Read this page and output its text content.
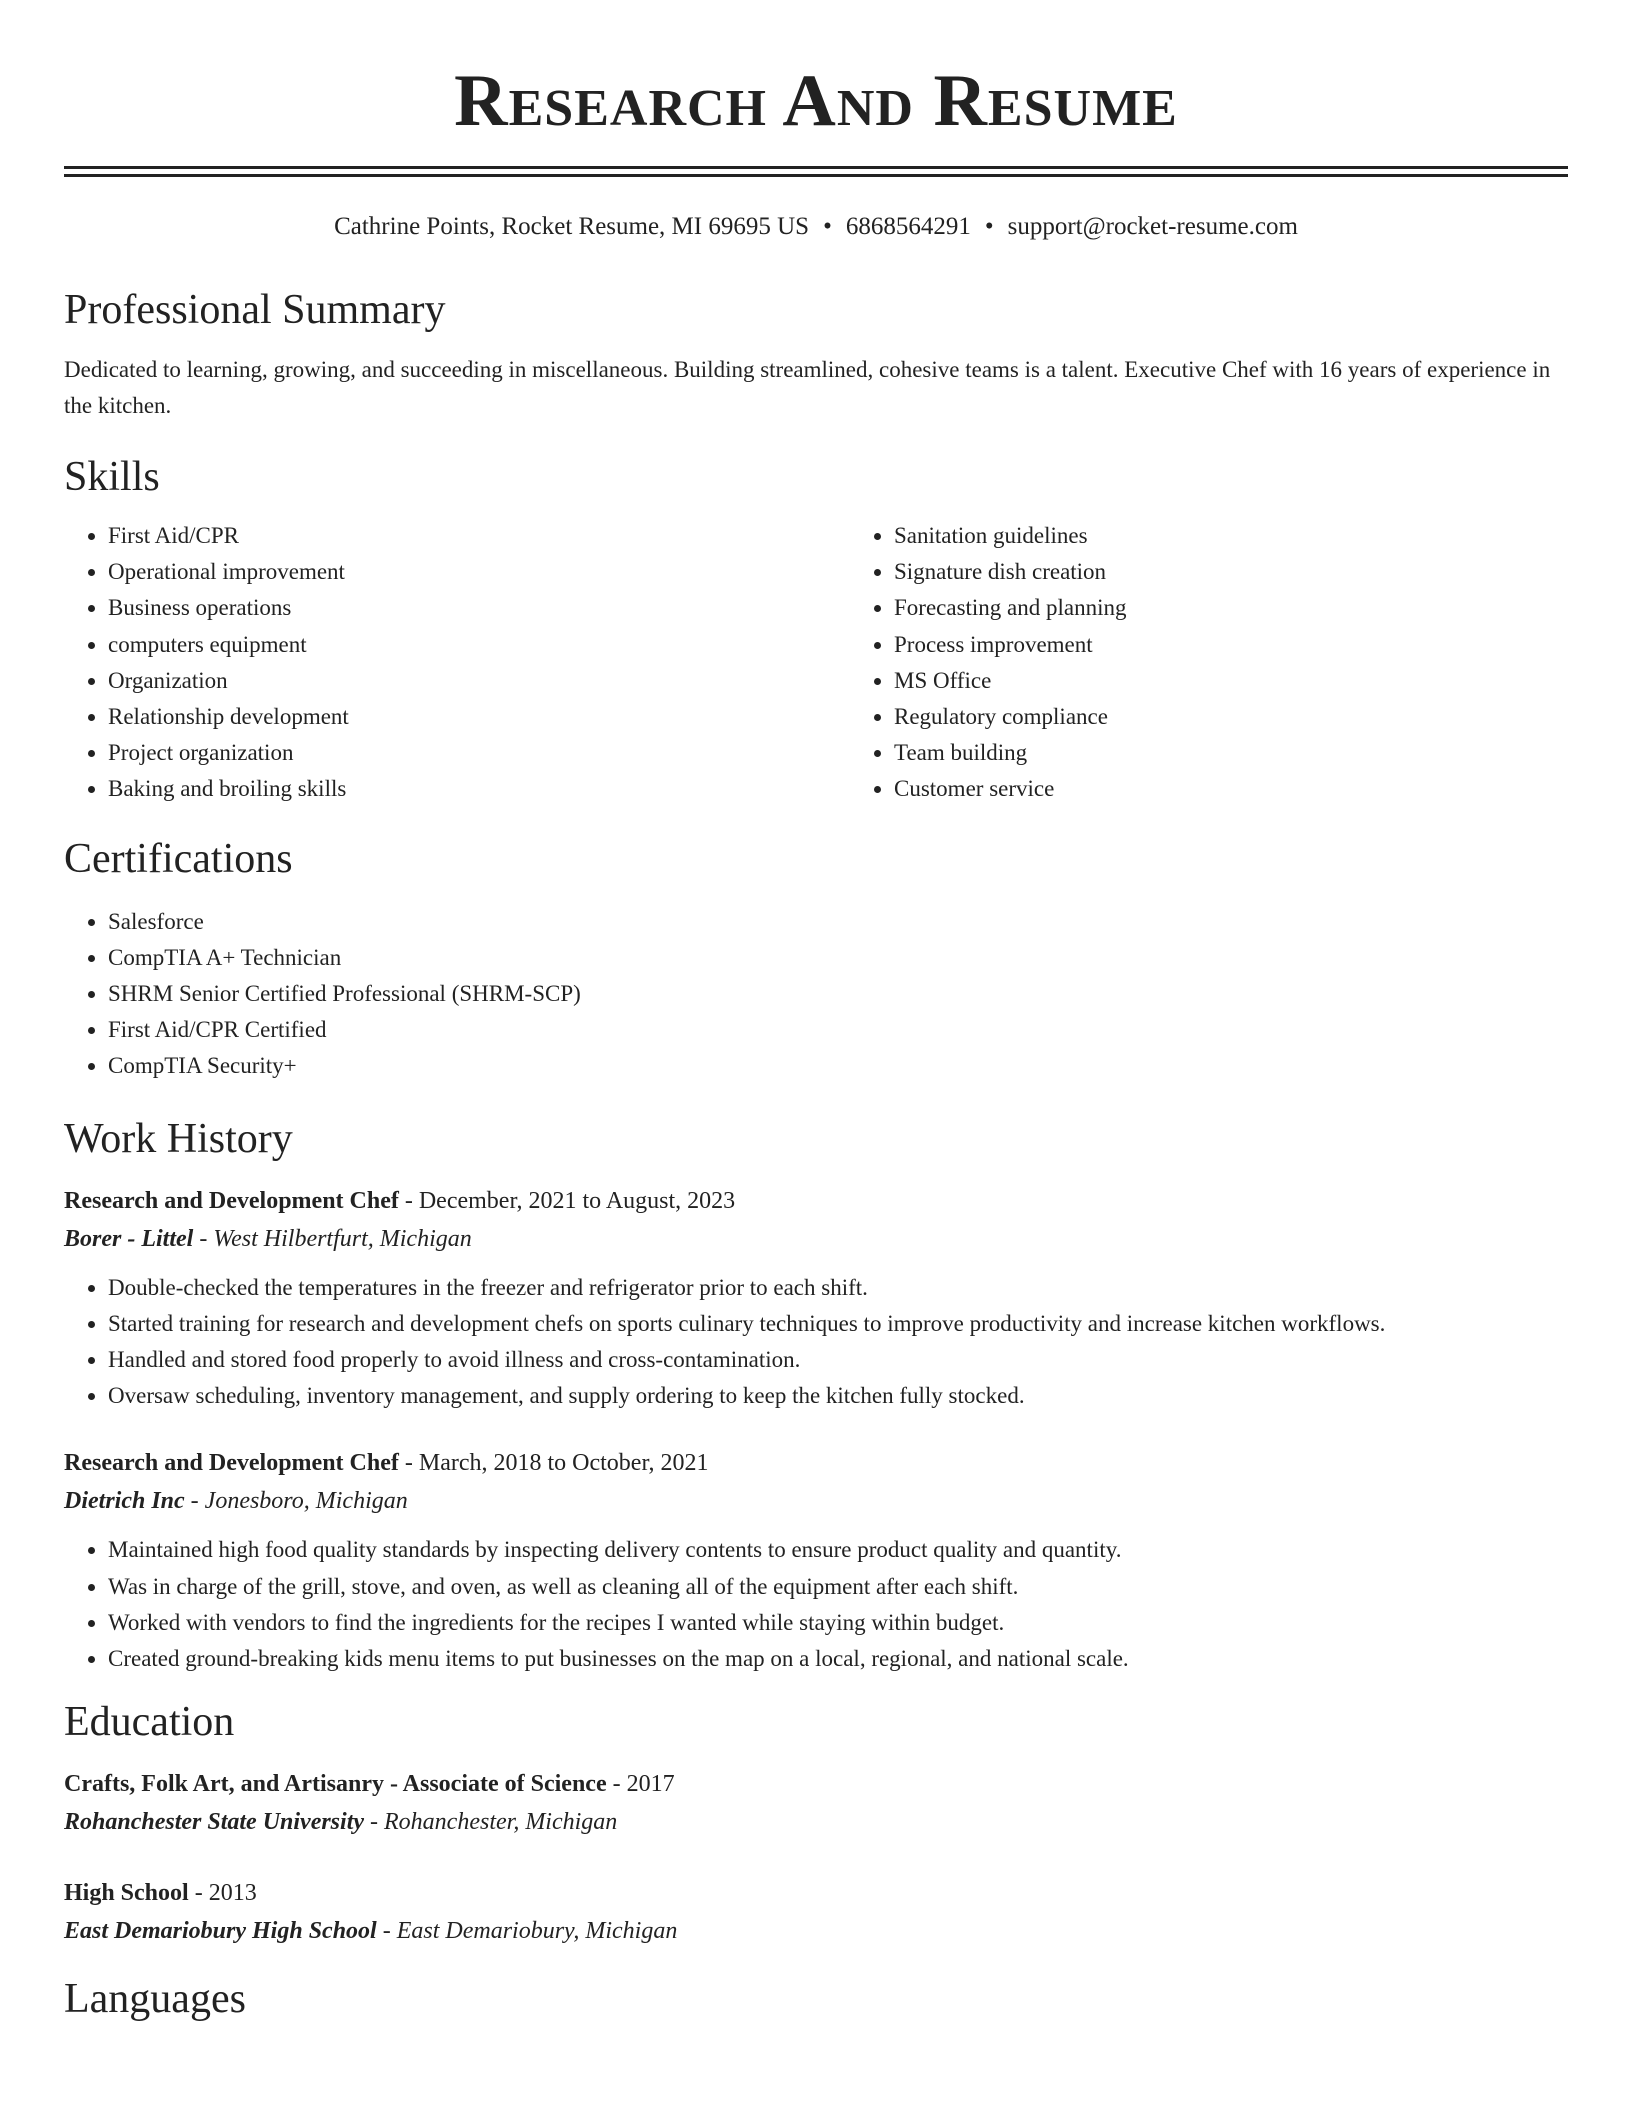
Research And Resume
Cathrine Points, Rocket Resume, MI 69695 US • 6868564291 • support@rocket-resume.com
Professional Summary

Dedicated to learning, growing, and succeeding in miscellaneous. Building streamlined, cohesive teams is a talent. Executive Chef with 16 years of experience in the kitchen.

Skills
• First Aid/CPR
• Operational improvement
• Business operations
• computers equipment
• Organization
• Relationship development
• Project organization
• Baking and broiling skills
• Sanitation guidelines
• Signature dish creation
• Forecasting and planning
• Process improvement
• MS Office
• Regulatory compliance
• Team building
• Customer service
Certifications
• Salesforce
• CompTIA A+ Technician
• SHRM Senior Certified Professional (SHRM-SCP)
• First Aid/CPR Certified
• CompTIA Security+
Work History
Research and Development Chef - December, 2021 to August, 2023
Borer - Littel - West Hilbertfurt, Michigan
• Double-checked the temperatures in the freezer and refrigerator prior to each shift.
• Started training for research and development chefs on sports culinary techniques to improve productivity and increase kitchen workflows.
• Handled and stored food properly to avoid illness and cross-contamination.
• Oversaw scheduling, inventory management, and supply ordering to keep the kitchen fully stocked.
Research and Development Chef - March, 2018 to October, 2021
Dietrich Inc - Jonesboro, Michigan
• Maintained high food quality standards by inspecting delivery contents to ensure product quality and quantity.
• Was in charge of the grill, stove, and oven, as well as cleaning all of the equipment after each shift.
• Worked with vendors to find the ingredients for the recipes I wanted while staying within budget.
• Created ground-breaking kids menu items to put businesses on the map on a local, regional, and national scale.
Education
Crafts, Folk Art, and Artisanry - Associate of Science - 2017
Rohanchester State University - Rohanchester, Michigan
High School - 2013
East Demariobury High School - East Demariobury, Michigan
Languages
